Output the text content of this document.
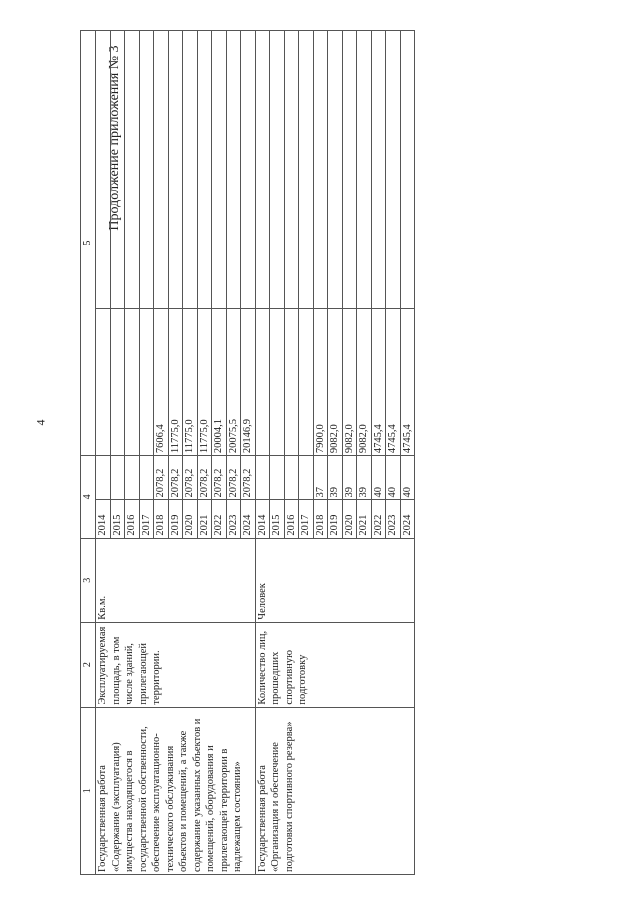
4
Продолжение приложения № 3
1	2	3	4		5	
Государственная работа «Содержание (эксплуатация) имущества находящегося в государственной собственности, обеспечение эксплуатационно-технического обслуживания объектов и помещений, а также содержание указанных объектов и помещений, оборудования и прилегающей территории в надлежащем состоянии»	Эксплуатируемая площадь, в том числе зданий, прилегающей территории.	Кв.м.	2014			
			2015			
			2016			
			2017			
			2018	2078,2	7606,4	
			2019	2078,2	11775,0	
			2020	2078,2	11775,0	
			2021	2078,2	11775,0	
			2022	2078,2	20004,1	
			2023	2078,2	20075,5	
			2024	2078,2	20146,9	
Государственная работа «Организация и обеспечение подготовки спортивного резерва»	Количество лиц, прошедших спортивную подготовку	Человек	2014			
			2015			
			2016			
			2017			
			2018	37	7900,0	
			2019	39	9082,0	
			2020	39	9082,0	
			2021	39	9082,0	
			2022	40	4745,4	
			2023	40	4745,4	
			2024	40	4745,4	
